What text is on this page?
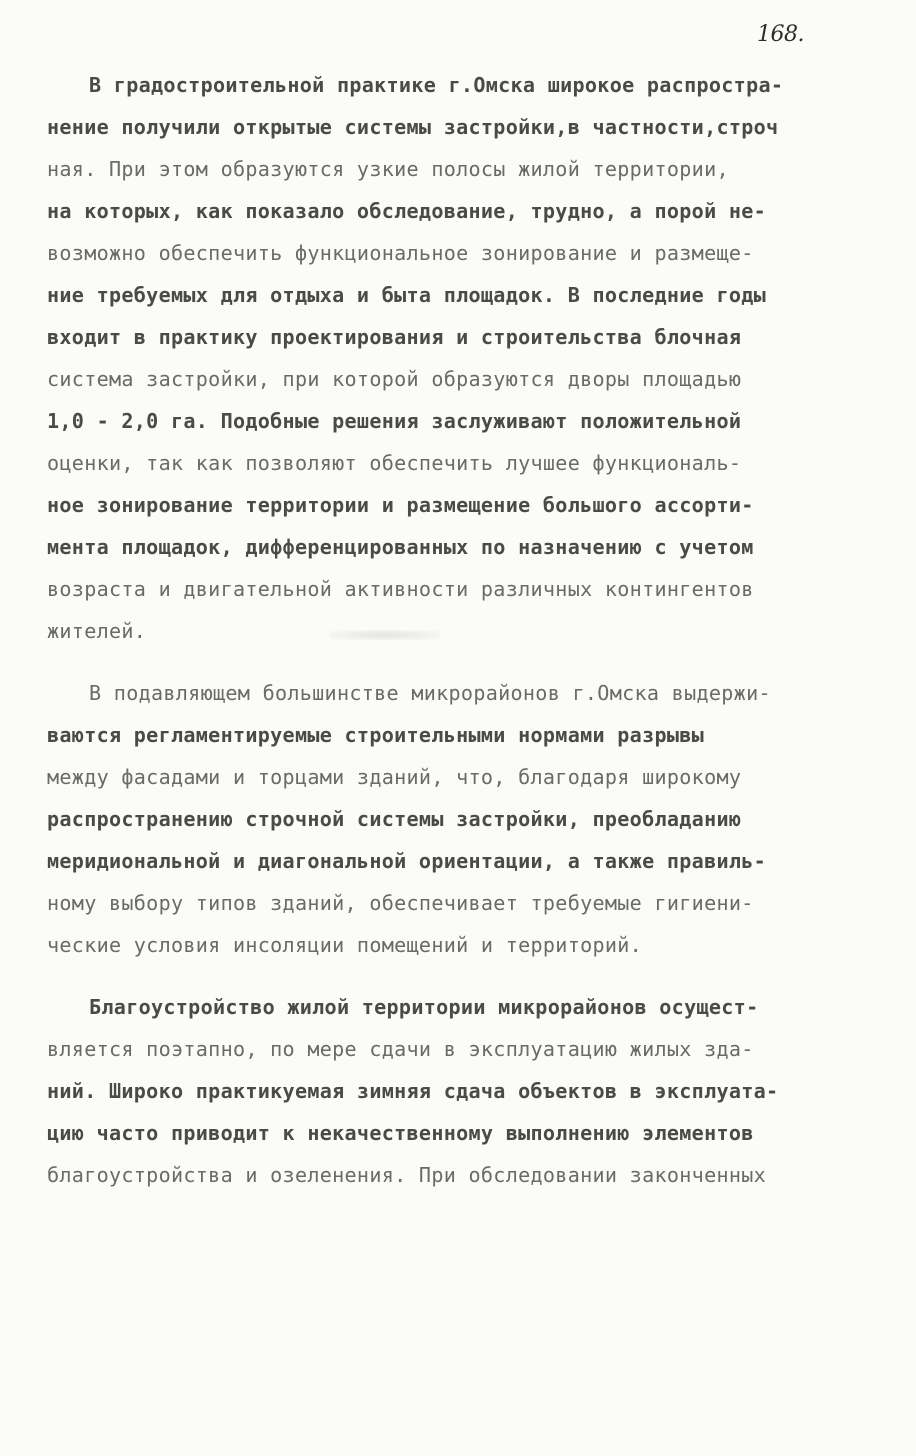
168.
В градостроительной практике г.Омска широкое распростра-
нение получили открытые системы застройки,в частности,строч
ная. При этом образуются узкие полосы жилой территории,
на которых, как показало обследование, трудно, а порой не-
возможно обеспечить функциональное зонирование и размеще-
ние требуемых для отдыха и быта площадок. В последние годы
входит в практику проектирования и строительства блочная
система застройки, при которой образуются дворы площадью
1,0 - 2,0 га. Подобные решения заслуживают положительной
оценки, так как позволяют обеспечить лучшее функциональ-
ное зонирование территории и размещение большого ассорти-
мента площадок, дифференцированных по назначению с учетом
возраста и двигательной активности различных контингентов
жителей.
В подавляющем большинстве микрорайонов г.Омска выдержи-
ваются регламентируемые строительными нормами разрывы
между фасадами и торцами зданий, что, благодаря широкому
распространению строчной системы застройки, преобладанию
меридиональной и диагональной ориентации, а также правиль-
ному выбору типов зданий, обеспечивает требуемые гигиени-
ческие условия инсоляции помещений и территорий.
Благоустройство жилой территории микрорайонов осущест-
вляется поэтапно, по мере сдачи в эксплуатацию жилых зда-
ний. Широко практикуемая зимняя сдача объектов в эксплуата-
цию часто приводит к некачественному выполнению элементов
благоустройства и озеленения. При обследовании законченных
